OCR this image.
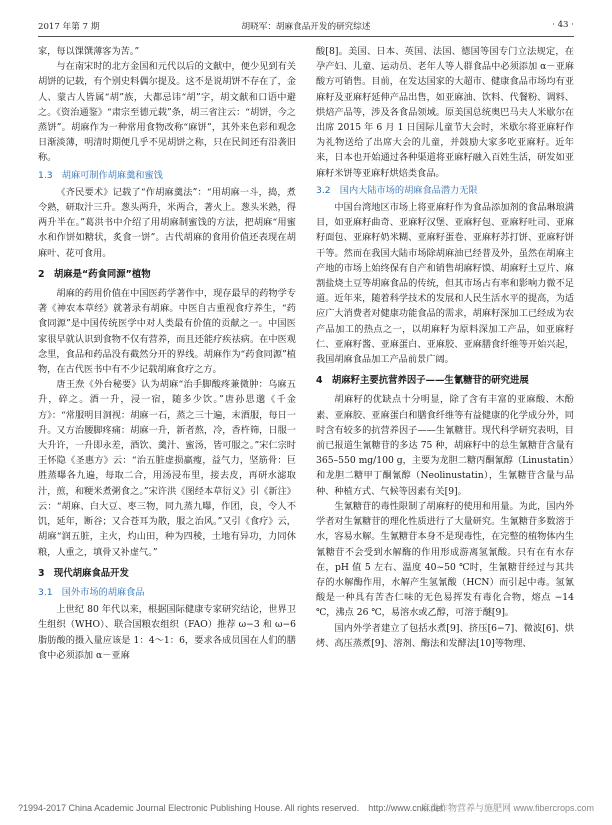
2017 年第 7 期	胡晓军：胡麻食品开发的研究综述	· 43 ·

家，每以馃馔薄客为苦。”

与在南宋时的北方金国和元代以后的文献中，便少见到有关胡饼的记载，有个别史料偶尔提及。这不是说胡饼不存在了，金人、蒙古人皆属“胡”族，大都忌讳“胡”字，胡文献和口语中避之。《资治通鉴》“肃宗至德元载”条，胡三省注云：“胡饼，今之蒸饼”。胡麻作为一种常用食物改称“麻饼”，其外来色彩和观念日渐淡薄，明清时期便几乎不见胡饼之称，只在民间还有沿袭旧称。

1.3　胡麻可制作胡麻羹和蜜饯

《齐民要术》记载了“作胡麻羹法”：“用胡麻一斗，捣，煮令熟，研取汁三升。葱头两升，米两合，著火上。葱头米熟，得两升半在。”葛洪书中介绍了用胡麻制蜜饯的方法，把胡麻“用蜜水和作饼如糖状，炙食一饼”。古代胡麻的食用价值还表现在胡麻叶、花可食用。

2　胡麻是“药食同源”植物

胡麻的药用价值在中国医药学著作中，现存最早的药物学专著《神农本草经》就著录有胡麻。中医自古重视食疗养生，“药食同源”是中国传统医学中对人类最有价值的贡献之一。中国医家很早就认识到食物不仅有营养，而且还能疗疾祛病。在中医观念里，食品和药品没有截然分开的界线。胡麻作为“药食同源”植物，在古代医书中有不少记载胡麻食疗之方。

唐王焘《外台秘要》认为胡麻“治手脚酸疼兼微肿：乌麻五升，碎之。酒一升，浸一宿，随多少饮。”唐孙思邈《千金方》：“常服明目洞视：胡麻一石，蒸之三十遍，末酒服，每日一升。又方治腰脚疼痛：胡麻一升，新者熬，冷，香杵筛，日服一大升许，一升即永差，酒饮、羹汁、蜜汤，皆可服之。”宋仁宗时王怀隐《圣惠方》云：“治五脏虚损羸瘦，益气力，坚筋骨：巨胜蒸曝各九遍，每取二合，用汤浸布里，接去皮，再研水滤取汁，煎，和粳米煮粥食之。”宋许洪《图经本草衍义》引《新注》云：“胡麻、白大豆、枣三物，同九蒸九曝，作团，良，令人不饥，延年，断谷；又合苍耳为散，服之治风。”又引《食疗》云，胡麻“润五脏，主火，灼山田，种为四稜，土地有异功，力同休粮，人重之，填骨又补虚气。”

3　现代胡麻食品开发
3.1　国外市场的胡麻食品

上世纪 80 年代以来，根据国际健康专家研究结论，世界卫生组织（WHO）、联合国粮农组织（FAO）推荐 ω−3 和 ω−6 脂肪酸的摄入量应该是 1：4～1：6，要求各成员国在人们的膳食中必须添加 α－亚麻

酸[8]。美国、日本、英国、法国、德国等国专门立法规定，在孕产妇、儿童、运动员、老年人等人群食品中必须添加 α－亚麻酸方可销售。目前，在发达国家的大超市、健康食品市场均有亚麻籽及亚麻籽延伸产品出售，如亚麻油、饮料、代餐粉、调料、烘焙产品等，涉及各食品领域。原美国总统奥巴马夫人米歇尔在出席 2015 年 6 月 1 日国际儿童节大会时，米歇尔将亚麻籽作为礼物送给了出席大会的儿童，并鼓励大家多吃亚麻籽。近年来，日本也开始通过各种渠道将亚麻籽融入百姓生活，研发如亚麻籽米饼等亚麻籽烘焙类食品。

3.2　国内大陆市场的胡麻食品潜力无限

中国台湾地区市场上将亚麻籽作为食品添加剂的食品琳琅满目，如亚麻籽曲奇、亚麻籽汉堡、亚麻籽包、亚麻籽吐司、亚麻籽面包、亚麻籽奶米糊、亚麻籽蛋卷、亚麻籽苏打饼、亚麻籽饼干等。然而在我国大陆市场除胡麻油已经普及外，虽然在胡麻主产地的市场上始终保有自产和销售胡麻籽馍、胡麻籽土豆片、麻割盐烧土豆等胡麻食品的传统，但其市场占有率和影响力微不足道。近年来，随着科学技术的发展和人民生活水平的提高，为适应广大消费者对健康功能食品的需求，胡麻籽深加工已经成为农产品加工的热点之一，以胡麻籽为原料深加工产品，如亚麻籽仁、亚麻籽酱、亚麻蛋白、亚麻胶、亚麻膳食纤维等开始兴起，我国胡麻食品加工产品前景广阔。

4　胡麻籽主要抗营养因子——生氰糖苷的研究进展

胡麻籽的优缺点十分明显，除了含有丰富的亚麻酸、木酚素、亚麻胶、亚麻蛋白和膳食纤维等有益健康的化学成分外，同时含有较多的抗营养因子——生氰糖苷。现代科学研究表明，目前已报道生氰糖苷的多达 75 种，胡麻籽中的总生氰糖苷含量有 365–550 mg/100 g，主要为龙胆二糖丙酮氰醇（Linustatin）和龙胆二糖甲丁酮氰醇（Neolinustatin），生氰糖苷含量与品种、种植方式、气候等因素有关[9]。

生氰糖苷的毒性限制了胡麻籽的使用和用量。为此，国内外学者对生氰糖苷的理化性质进行了大量研究。生氰糖苷多数溶于水，容易水解。生氰糖苷本身不是现毒性，在完整的植物体内生氰糖苷不会受到水解酶的作用形成游离氢氰酸。只有在有水存在，pH 值 5 左右、温度 40~50 ℃时，生氰糖苷经过与其共存的水解酶作用，水解产生氢氰酸（HCN）而引起中毒。氢氰酸是一种具有苦杏仁味的无色易挥发有毒化合物，熔点 −14 ℃，沸点 26 ℃，易溶水或乙醇，可溶于醚[9]。

国内外学者建立了包括水煮[9]、挤压[6−7]、微波[6]、烘烤、高压蒸煮[9]、溶剂、酶法和发酵法[10]等物理、

?1994-2017 China Academic Journal Electronic Publishing House. All rights reserved.　http://www.cnki.net
麻类作物营养与施肥网 www.fibercrops.com
